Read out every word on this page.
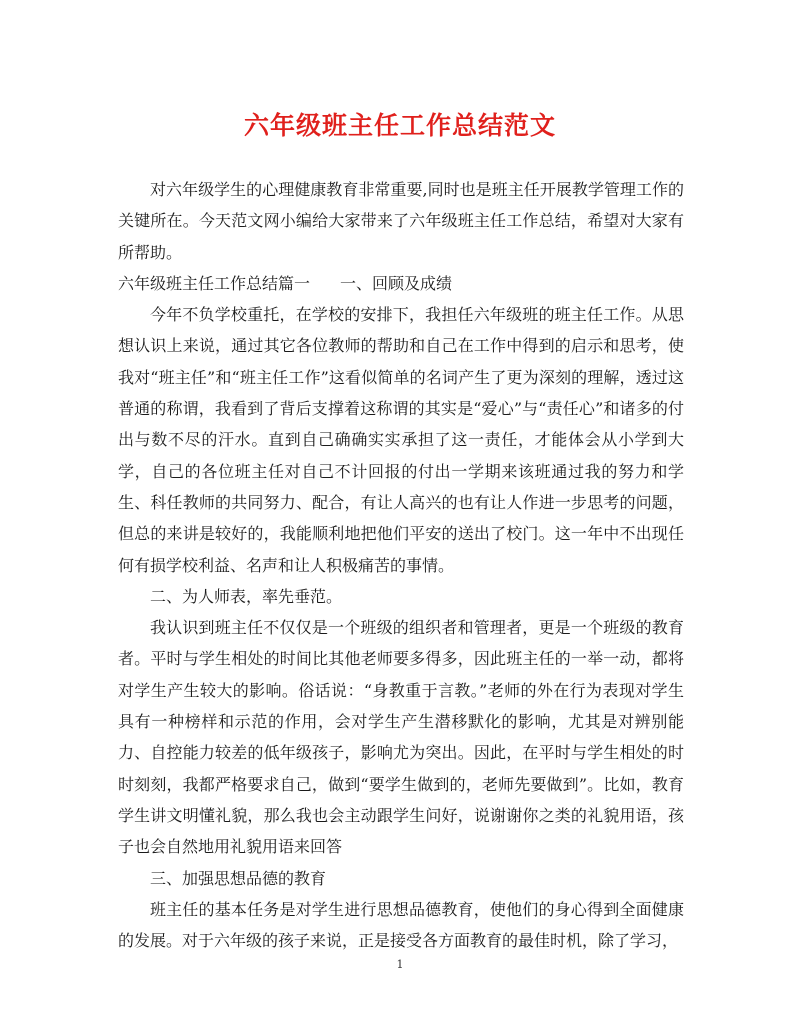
六年级班主任工作总结范文

对六年级学生的心理健康教育非常重要,同时也是班主任开展教学管理工作的关键所在。今天范文网小编给大家带来了六年级班主任工作总结，希望对大家有所帮助。

六年级班主任工作总结篇一 一、回顾及成绩

今年不负学校重托，在学校的安排下，我担任六年级班的班主任工作。从思想认识上来说，通过其它各位教师的帮助和自己在工作中得到的启示和思考，使我对“班主任”和“班主任工作”这看似简单的名词产生了更为深刻的理解，透过这普通的称谓，我看到了背后支撑着这称谓的其实是“爱心”与“责任心”和诸多的付出与数不尽的汗水。直到自己确确实实承担了这一责任，才能体会从小学到大学，自己的各位班主任对自己不计回报的付出一学期来该班通过我的努力和学生、科任教师的共同努力、配合，有让人高兴的也有让人作进一步思考的问题，但总的来讲是较好的，我能顺利地把他们平安的送出了校门。这一年中不出现任何有损学校利益、名声和让人积极痛苦的事情。

二、为人师表，率先垂范。

我认识到班主任不仅仅是一个班级的组织者和管理者，更是一个班级的教育者。平时与学生相处的时间比其他老师要多得多，因此班主任的一举一动，都将对学生产生较大的影响。俗话说：“身教重于言教。”老师的外在行为表现对学生具有一种榜样和示范的作用，会对学生产生潜移默化的影响，尤其是对辨别能力、自控能力较差的低年级孩子，影响尤为突出。因此，在平时与学生相处的时时刻刻，我都严格要求自己，做到“要学生做到的，老师先要做到”。比如，教育学生讲文明懂礼貌，那么我也会主动跟学生问好，说谢谢你之类的礼貌用语，孩子也会自然地用礼貌用语来回答

三、加强思想品德的教育

班主任的基本任务是对学生进行思想品德教育，使他们的身心得到全面健康的发展。对于六年级的孩子来说，正是接受各方面教育的最佳时机，除了学习，

1
